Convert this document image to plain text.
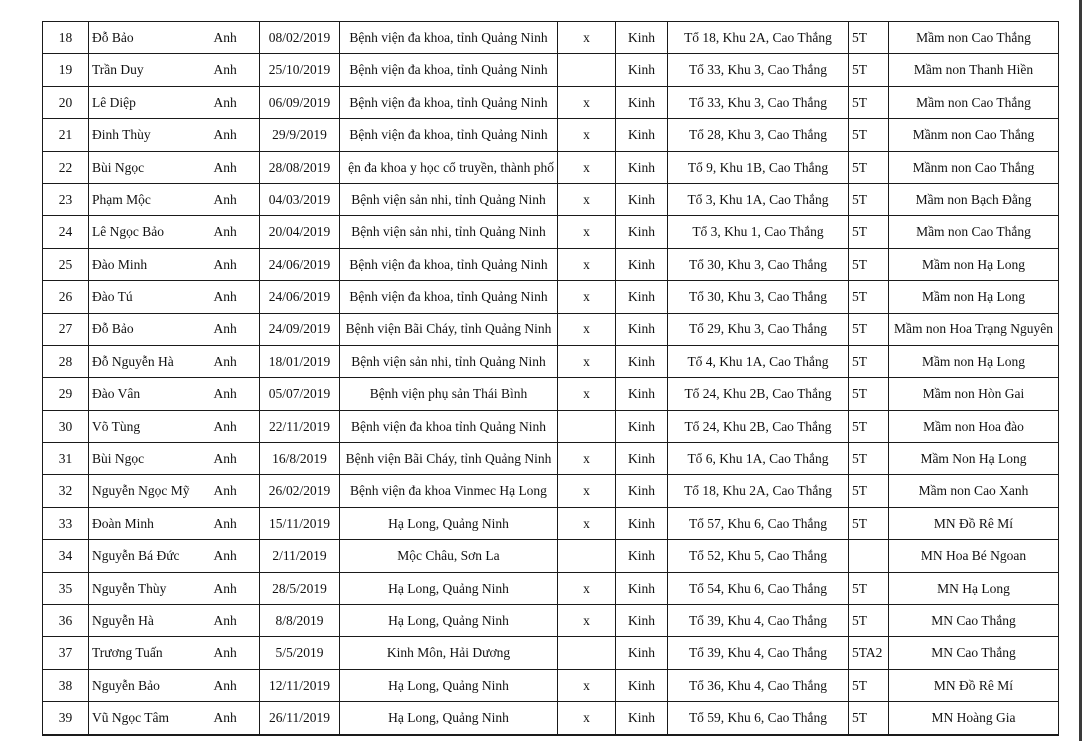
18	Đỗ Bảo	Anh	08/02/2019	Bệnh viện đa khoa, tỉnh Quảng Ninh	x	Kinh	Tổ 18, Khu 2A, Cao Thắng	5T	Mầm non Cao Thắng
19	Trần Duy	Anh	25/10/2019	Bệnh viện đa khoa, tỉnh Quảng Ninh		Kinh	Tổ 33, Khu 3, Cao Thắng	5T	Mầm non Thanh Hiền
20	Lê Diệp	Anh	06/09/2019	Bệnh viện đa khoa, tỉnh Quảng Ninh	x	Kinh	Tổ 33, Khu 3, Cao Thắng	5T	Mầm non Cao Thắng
21	Đinh Thùy	Anh	29/9/2019	Bệnh viện đa khoa, tỉnh Quảng Ninh	x	Kinh	Tổ 28, Khu 3, Cao Thắng	5T	Mầnm non Cao Thắng
22	Bùi Ngọc	Anh	28/08/2019	ện đa khoa y học cổ truyền, thành phố	x	Kinh	Tổ 9, Khu 1B, Cao Thắng	5T	Mầnm non Cao Thắng
23	Phạm Mộc	Anh	04/03/2019	Bệnh viện sản nhi, tỉnh Quảng Ninh	x	Kinh	Tổ 3, Khu 1A, Cao Thắng	5T	Mầm non Bạch Đằng
24	Lê Ngọc Bảo	Anh	20/04/2019	Bệnh viện sản nhi, tỉnh Quảng Ninh	x	Kinh	Tổ 3, Khu 1, Cao Thắng	5T	Mầm non Cao Thắng
25	Đào Minh	Anh	24/06/2019	Bệnh viện đa khoa, tỉnh Quảng Ninh	x	Kinh	Tổ 30, Khu 3, Cao Thắng	5T	Mầm non Hạ Long
26	Đào Tú	Anh	24/06/2019	Bệnh viện đa khoa, tỉnh Quảng Ninh	x	Kinh	Tổ 30, Khu 3, Cao Thắng	5T	Mầm non Hạ Long
27	Đỗ Bảo	Anh	24/09/2019	Bệnh viện Bãi Cháy, tỉnh Quảng Ninh	x	Kinh	Tổ 29, Khu 3, Cao Thắng	5T	Mầm non Hoa Trạng Nguyên
28	Đỗ Nguyễn Hà	Anh	18/01/2019	Bệnh viện sản nhi, tỉnh Quảng Ninh	x	Kinh	Tổ 4, Khu 1A, Cao Thắng	5T	Mầm non Hạ Long
29	Đào Vân	Anh	05/07/2019	Bệnh viện phụ sản Thái Bình	x	Kinh	Tổ 24, Khu 2B, Cao Thắng	5T	Mầm non Hòn Gai
30	Võ Tùng	Anh	22/11/2019	Bệnh viện đa khoa tỉnh Quảng Ninh		Kinh	Tổ 24, Khu 2B, Cao Thắng	5T	Mầm non Hoa đào
31	Bùi Ngọc	Anh	16/8/2019	Bệnh viện Bãi Cháy, tỉnh Quảng Ninh	x	Kinh	Tổ 6, Khu 1A, Cao Thắng	5T	Mầm Non Hạ Long
32	Nguyễn Ngọc Mỹ	Anh	26/02/2019	Bệnh viện đa khoa Vinmec Hạ Long	x	Kinh	Tổ 18, Khu 2A, Cao Thắng	5T	Mầm non Cao Xanh
33	Đoàn Minh	Anh	15/11/2019	Hạ Long, Quảng Ninh	x	Kinh	Tổ 57, Khu 6, Cao Thắng	5T	MN Đồ Rê Mí
34	Nguyễn Bá Đức	Anh	2/11/2019	Mộc Châu, Sơn La		Kinh	Tổ 52, Khu 5, Cao Thắng		MN Hoa Bé Ngoan
35	Nguyễn Thùy	Anh	28/5/2019	Hạ Long, Quảng Ninh	x	Kinh	Tổ 54, Khu 6, Cao Thắng	5T	MN Hạ Long
36	Nguyễn Hà	Anh	8/8/2019	Hạ Long, Quảng Ninh	x	Kinh	Tổ 39, Khu 4, Cao Thắng	5T	MN Cao Thắng
37	Trương Tuấn	Anh	5/5/2019	Kinh Môn, Hải Dương		Kinh	Tổ 39, Khu 4, Cao Thắng	5TA2	MN Cao Thắng
38	Nguyễn Bảo	Anh	12/11/2019	Hạ Long, Quảng Ninh	x	Kinh	Tổ 36, Khu 4, Cao Thắng	5T	MN Đồ Rê Mí
39	Vũ Ngọc Tâm	Anh	26/11/2019	Hạ Long, Quảng Ninh	x	Kinh	Tổ 59, Khu 6, Cao Thắng	5T	MN Hoàng Gia
